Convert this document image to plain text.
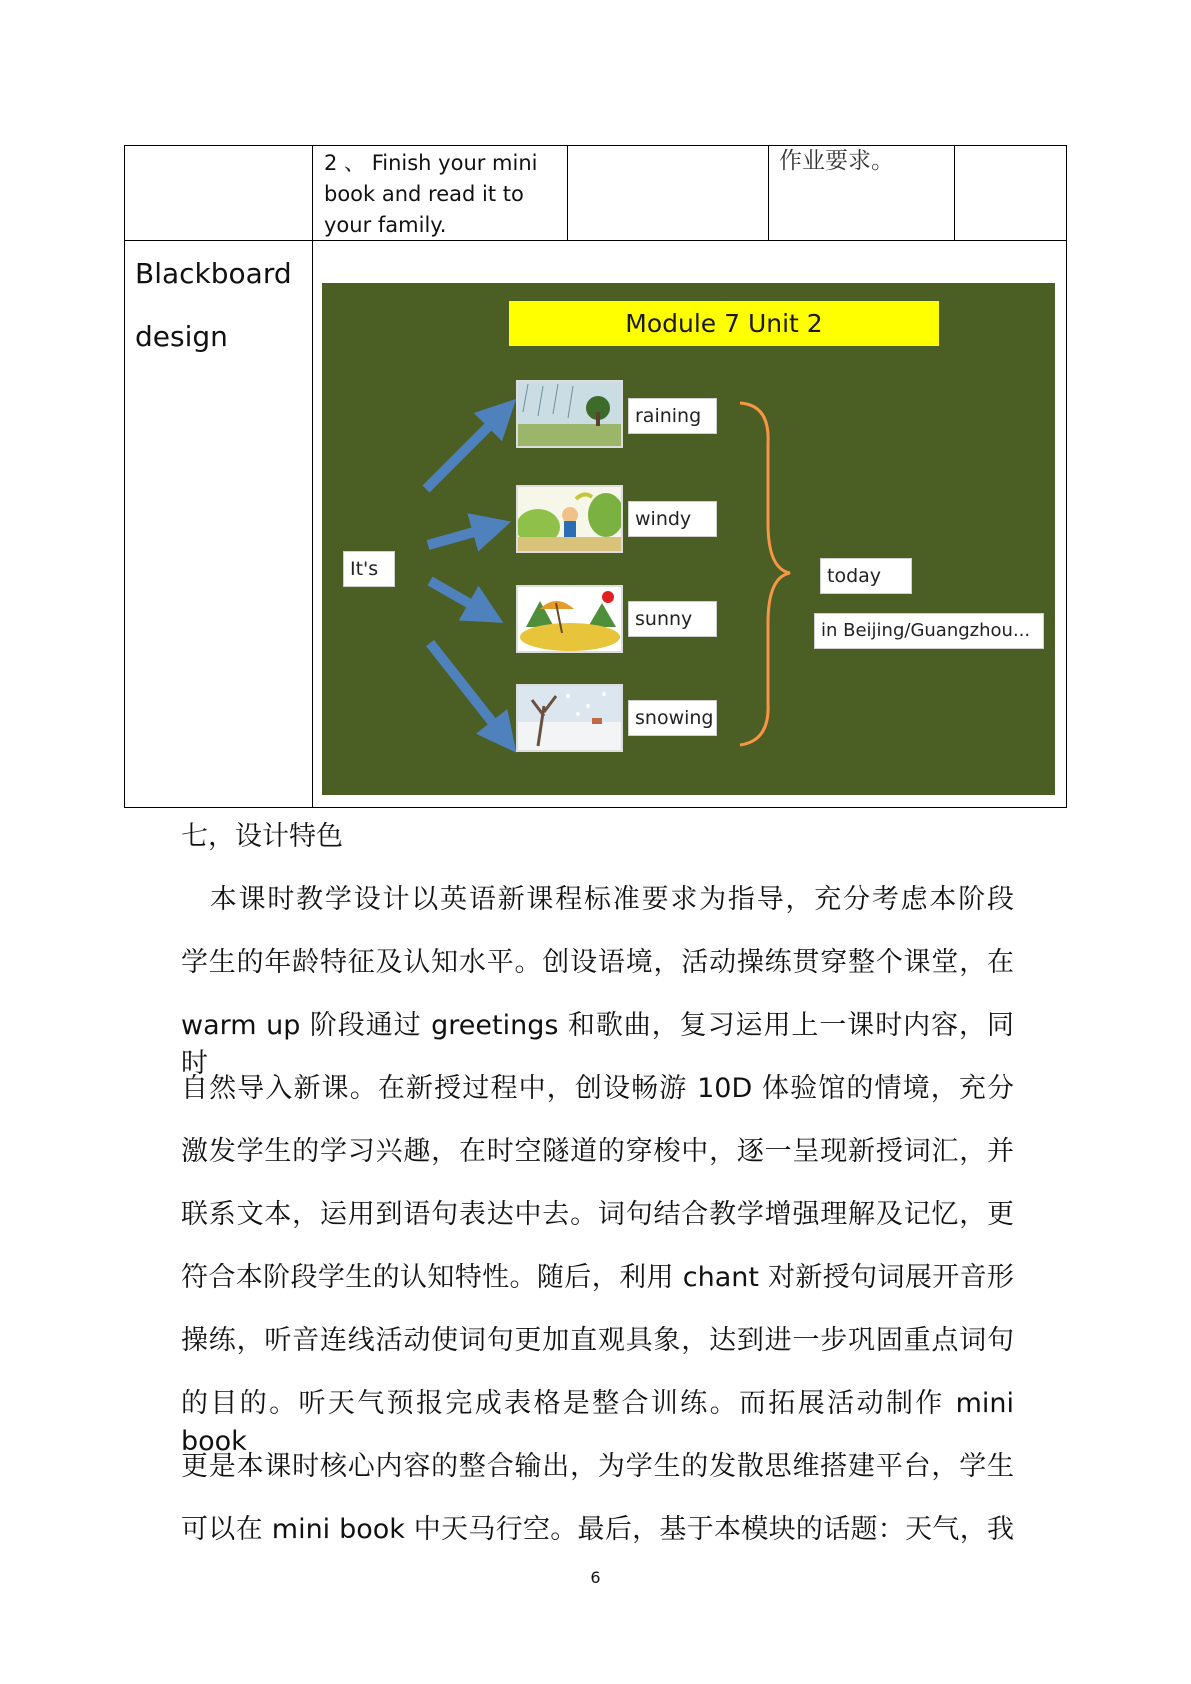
2 、 Finish your mini
book and read it to
your family.
作业要求。
Blackboard
design	Module 7 Unit 2
It's
raining
windy
sunny
snowing
today
in Beijing/Guangzhou...
七，设计特色
　本课时教学设计以英语新课程标准要求为指导，充分考虑本阶段
学生的年龄特征及认知水平。创设语境，活动操练贯穿整个课堂，在
warm up 阶段通过 greetings 和歌曲，复习运用上一课时内容，同时
自然导入新课。在新授过程中，创设畅游 10D 体验馆的情境，充分
激发学生的学习兴趣，在时空隧道的穿梭中，逐一呈现新授词汇，并
联系文本，运用到语句表达中去。词句结合教学增强理解及记忆，更
符合本阶段学生的认知特性。随后，利用 chant 对新授句词展开音形
操练，听音连线活动使词句更加直观具象，达到进一步巩固重点词句
的目的。听天气预报完成表格是整合训练。而拓展活动制作 mini book
更是本课时核心内容的整合输出，为学生的发散思维搭建平台，学生
可以在 mini book 中天马行空。最后，基于本模块的话题：天气，我
6
